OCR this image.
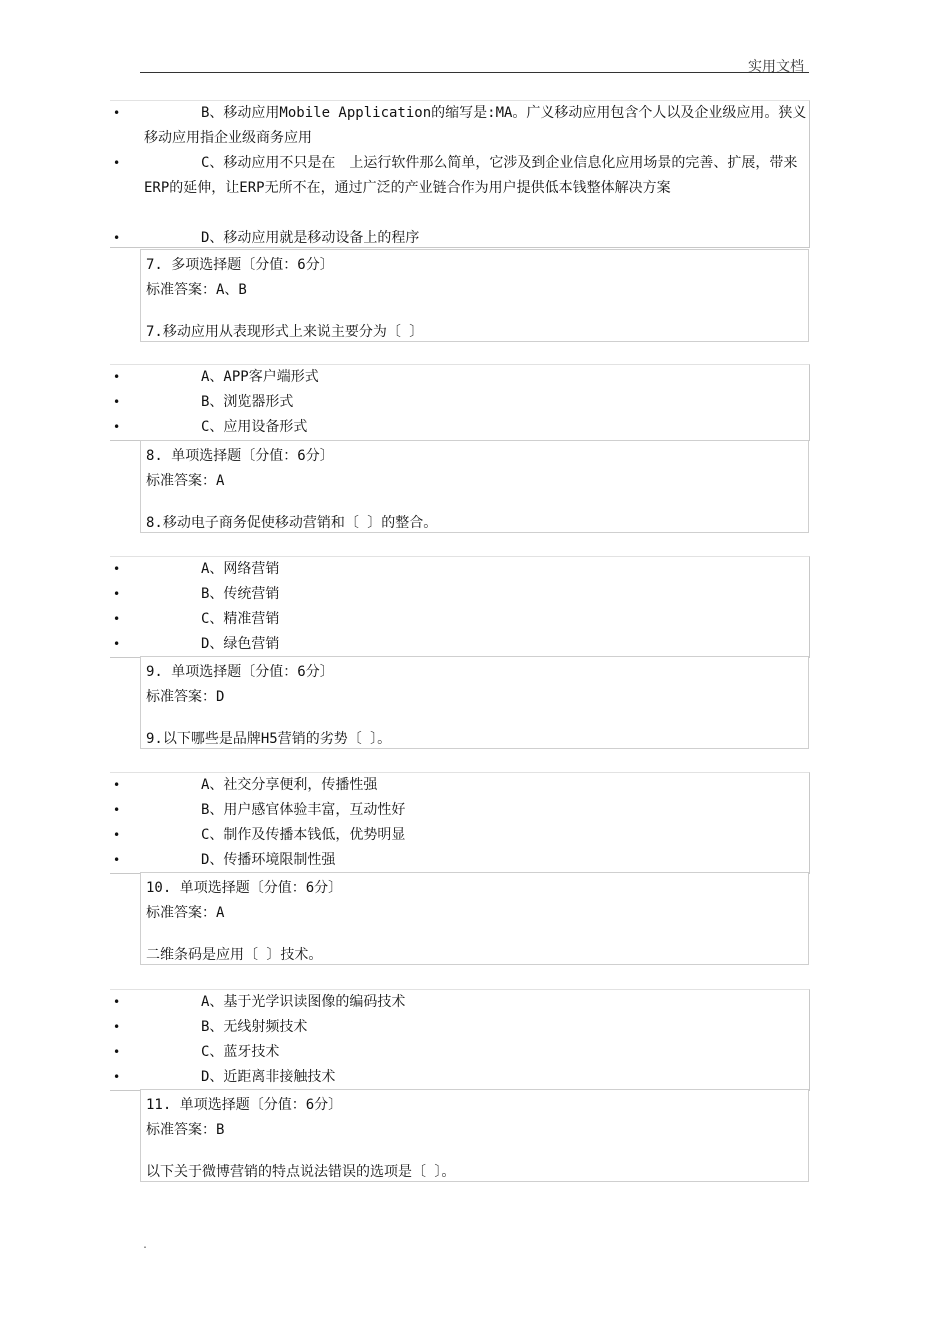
实用文档
•	B、移动应用Mobile Application的缩写是:MA。广义移动应用包含个人以及企业级应用。狭义移动应用指企业级商务应用
•	C、移动应用不只是在　上运行软件那么简单，它涉及到企业信息化应用场景的完善、扩展，带来ERP的延伸，让ERP无所不在，通过广泛的产业链合作为用户提供低本钱整体解决方案
•	D、移动应用就是移动设备上的程序
7. 多项选择题〔分值：6分〕
标准答案：A、B
7.移动应用从表现形式上来说主要分为〔 〕
•	A、APP客户端形式
•	B、浏览器形式
•	C、应用设备形式
8. 单项选择题〔分值：6分〕
标准答案：A
8.移动电子商务促使移动营销和〔 〕的整合。
•	A、网络营销
•	B、传统营销
•	C、精准营销
•	D、绿色营销
9. 单项选择题〔分值：6分〕
标准答案：D
9.以下哪些是品牌H5营销的劣势〔 〕。
•	A、社交分享便利，传播性强
•	B、用户感官体验丰富，互动性好
•	C、制作及传播本钱低，优势明显
•	D、传播环境限制性强
10. 单项选择题〔分值：6分〕
标准答案：A
二维条码是应用〔 〕技术。
•	A、基于光学识读图像的编码技术
•	B、无线射频技术
•	C、蓝牙技术
•	D、近距离非接触技术
11. 单项选择题〔分值：6分〕
标准答案：B
以下关于微博营销的特点说法错误的选项是〔 〕。
.
